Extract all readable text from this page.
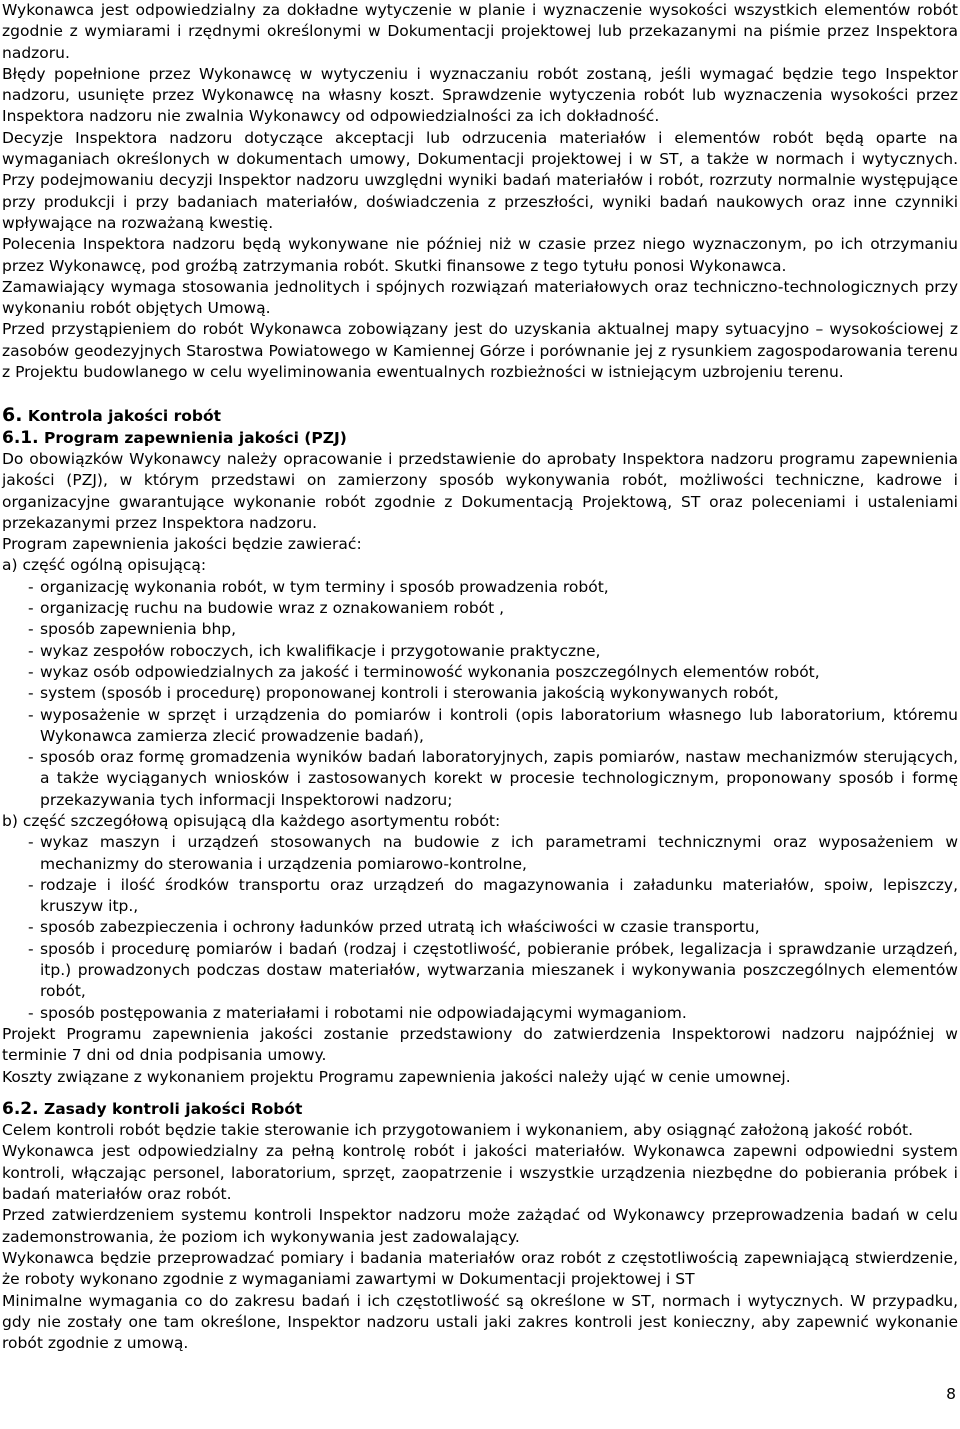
Wykonawca jest odpowiedzialny za dokładne wytyczenie w planie i wyznaczenie wysokości wszystkich elementów robót zgodnie z wymiarami i rzędnymi określonymi w Dokumentacji projektowej lub przekazanymi na piśmie przez Inspektora nadzoru.

Błędy popełnione przez Wykonawcę w wytyczeniu i wyznaczaniu robót zostaną, jeśli wymagać będzie tego Inspektor nadzoru, usunięte przez Wykonawcę na własny koszt. Sprawdzenie wytyczenia robót lub wyznaczenia wysokości przez Inspektora nadzoru nie zwalnia Wykonawcy od odpowiedzialności za ich dokładność.

Decyzje Inspektora nadzoru dotyczące akceptacji lub odrzucenia materiałów i elementów robót będą oparte na wymaganiach określonych w dokumentach umowy, Dokumentacji projektowej i w ST, a także w normach i wytycznych. Przy podejmowaniu decyzji Inspektor nadzoru uwzględni wyniki badań materiałów i robót, rozrzuty normalnie występujące przy produkcji i przy badaniach materiałów, doświadczenia z przeszłości, wyniki badań naukowych oraz inne czynniki wpływające na rozważaną kwestię.

Polecenia Inspektora nadzoru będą wykonywane nie później niż w czasie przez niego wyznaczonym, po ich otrzymaniu przez Wykonawcę, pod groźbą zatrzymania robót. Skutki finansowe z tego tytułu ponosi Wykonawca.

Zamawiający wymaga stosowania jednolitych i spójnych rozwiązań materiałowych oraz techniczno-technologicznych przy wykonaniu robót objętych Umową.

Przed przystąpieniem do robót Wykonawca zobowiązany jest do uzyskania aktualnej mapy sytuacyjno – wysokościowej z zasobów geodezyjnych Starostwa Powiatowego w Kamiennej Górze i porównanie jej z rysunkiem zagospodarowania terenu z Projektu budowlanego w celu wyeliminowania ewentualnych rozbieżności w istniejącym uzbrojeniu terenu.

6. Kontrola jakości robót
6.1. Program zapewnienia jakości (PZJ)

Do obowiązków Wykonawcy należy opracowanie i przedstawienie do aprobaty Inspektora nadzoru programu zapewnienia jakości (PZJ), w którym przedstawi on zamierzony sposób wykonywania robót, możliwości techniczne, kadrowe i organizacyjne gwarantujące wykonanie robót zgodnie z Dokumentacją Projektową, ST oraz poleceniami i ustaleniami przekazanymi przez Inspektora nadzoru.

Program zapewnienia jakości będzie zawierać:

a) część ogólną opisującą:

- organizację wykonania robót, w tym terminy i sposób prowadzenia robót,
- organizację ruchu na budowie wraz z oznakowaniem robót ,
- sposób zapewnienia bhp,
- wykaz zespołów roboczych, ich kwalifikacje i przygotowanie praktyczne,
- wykaz osób odpowiedzialnych za jakość i terminowość wykonania poszczególnych elementów robót,
- system (sposób i procedurę) proponowanej kontroli i sterowania jakością wykonywanych robót,
- wyposażenie w sprzęt i urządzenia do pomiarów i kontroli (opis laboratorium własnego lub laboratorium, któremu Wykonawca zamierza zlecić prowadzenie badań),
- sposób oraz formę gromadzenia wyników badań laboratoryjnych, zapis pomiarów, nastaw mechanizmów sterujących, a także wyciąganych wniosków i zastosowanych korekt w procesie technologicznym, proponowany sposób i formę przekazywania tych informacji Inspektorowi nadzoru;

b) część szczegółową opisującą dla każdego asortymentu robót:

- wykaz maszyn i urządzeń stosowanych na budowie z ich parametrami technicznymi oraz wyposażeniem w mechanizmy do sterowania i urządzenia pomiarowo-kontrolne,
- rodzaje i ilość środków transportu oraz urządzeń do magazynowania i załadunku materiałów, spoiw, lepiszczy, kruszyw itp.,
- sposób zabezpieczenia i ochrony ładunków przed utratą ich właściwości w czasie transportu,
- sposób i procedurę pomiarów i badań (rodzaj i częstotliwość, pobieranie próbek, legalizacja i sprawdzanie urządzeń, itp.) prowadzonych podczas dostaw materiałów, wytwarzania mieszanek i wykonywania poszczególnych elementów robót,
- sposób postępowania z materiałami i robotami nie odpowiadającymi wymaganiom.

Projekt Programu zapewnienia jakości zostanie przedstawiony do zatwierdzenia Inspektorowi nadzoru najpóźniej w terminie 7 dni od dnia podpisania umowy.

Koszty związane z wykonaniem projektu Programu zapewnienia jakości należy ująć w cenie umownej.

6.2. Zasady kontroli jakości Robót

Celem kontroli robót będzie takie sterowanie ich przygotowaniem i wykonaniem, aby osiągnąć założoną jakość robót.

Wykonawca jest odpowiedzialny za pełną kontrolę robót i jakości materiałów. Wykonawca zapewni odpowiedni system kontroli, włączając personel, laboratorium, sprzęt, zaopatrzenie i wszystkie urządzenia niezbędne do pobierania próbek i badań materiałów oraz robót.

Przed zatwierdzeniem systemu kontroli Inspektor nadzoru może zażądać od Wykonawcy przeprowadzenia badań w celu zademonstrowania, że poziom ich wykonywania jest zadowalający.

Wykonawca będzie przeprowadzać pomiary i badania materiałów oraz robót z częstotliwością zapewniającą stwierdzenie, że roboty wykonano zgodnie z wymaganiami zawartymi w Dokumentacji projektowej i ST

Minimalne wymagania co do zakresu badań i ich częstotliwość są określone w ST, normach i wytycznych. W przypadku, gdy nie zostały one tam określone, Inspektor nadzoru ustali jaki zakres kontroli jest konieczny, aby zapewnić wykonanie robót zgodnie z umową.

8
